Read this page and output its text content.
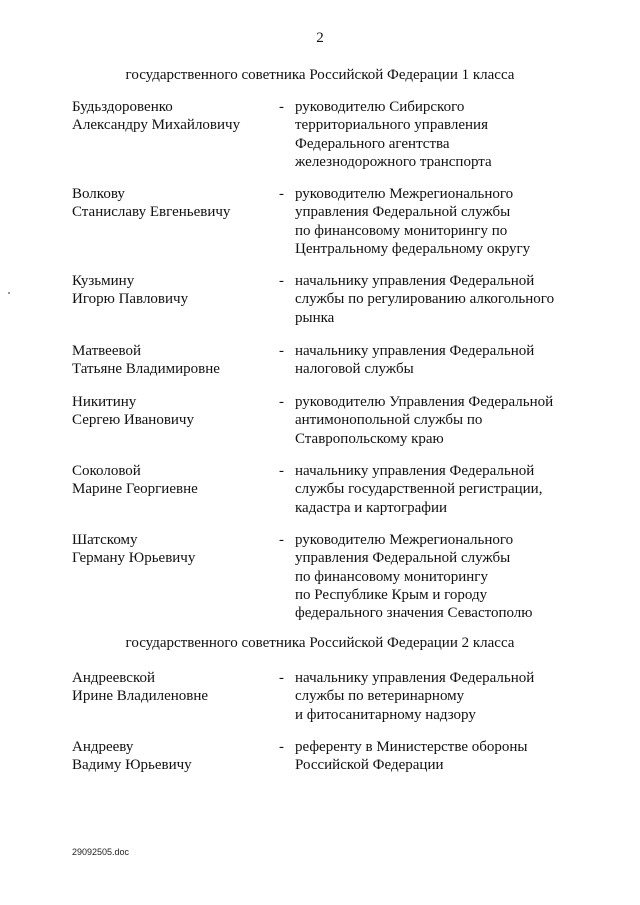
2
государственного советника Российской Федерации 1 класса
Будьздоровенко
Александру Михайловичу
- руководителю Сибирского
территориального управления
Федерального агентства
железнодорожного транспорта
Волкову
Станиславу Евгеньевичу
- руководителю Межрегионального
управления Федеральной службы
по финансовому мониторингу по
Центральному федеральному округу
Кузьмину
Игорю Павловичу
- начальнику управления Федеральной
службы по регулированию алкогольного
рынка
Матвеевой
Татьяне Владимировне
- начальнику управления Федеральной
налоговой службы
Никитину
Сергею Ивановичу
- руководителю Управления Федеральной
антимонопольной службы по
Ставропольскому краю
Соколовой
Марине Георгиевне
- начальнику управления Федеральной
службы государственной регистрации,
кадастра и картографии
Шатскому
Герману Юрьевичу
- руководителю Межрегионального
управления Федеральной службы
по финансовому мониторингу
по Республике Крым и городу
федерального значения Севастополю
государственного советника Российской Федерации 2 класса
Андреевской
Ирине Владиленовне
- начальнику управления Федеральной
службы по ветеринарному
и фитосанитарному надзору
Андрееву
Вадиму Юрьевичу
- референту в Министерстве обороны
Российской Федерации
29092505.doc
